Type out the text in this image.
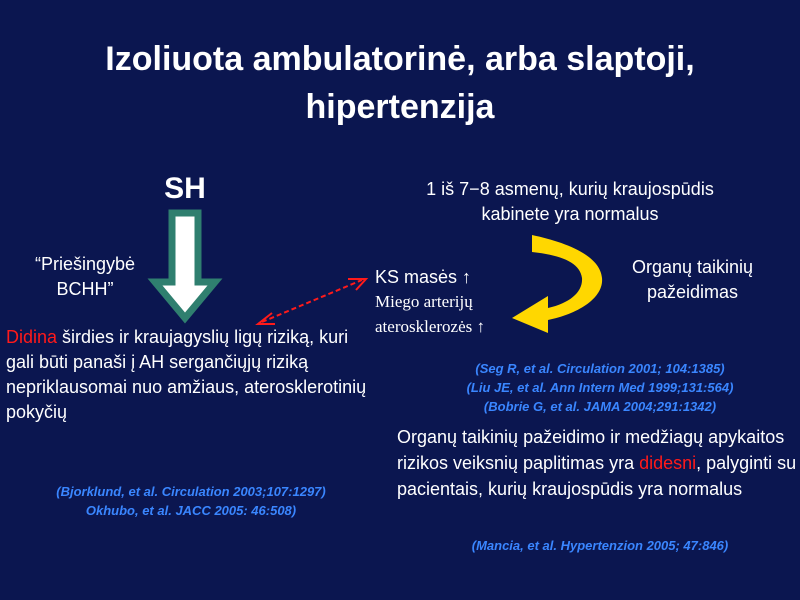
Izoliuota ambulatorinė, arba slaptoji,
hipertenzija
SH
“Priešingybė
BCHH”
Didina širdies ir kraujagyslių ligų riziką, kuri gali būti panaši į AH sergančiųjų riziką nepriklausomai nuo amžiaus, aterosklerotinių pokyčių
(Bjorklund, et al. Circulation 2003;107:1297)
Okhubo, et al. JACC 2005: 46:508)
1 iš 7−8 asmenų, kurių kraujospūdis
kabinete yra normalus
KS masės ↑
Miego arterijų
aterosklerozės ↑
Organų taikinių
pažeidimas
(Seg R, et al. Circulation 2001; 104:1385)
(Liu JE, et al. Ann Intern Med 1999;131:564)
(Bobrie G, et al. JAMA 2004;291:1342)
Organų taikinių pažeidimo ir medžiagų apykaitos rizikos veiksnių paplitimas yra didesni, palyginti su pacientais, kurių kraujospūdis yra normalus
(Mancia, et al. Hypertenzion 2005; 47:846)
